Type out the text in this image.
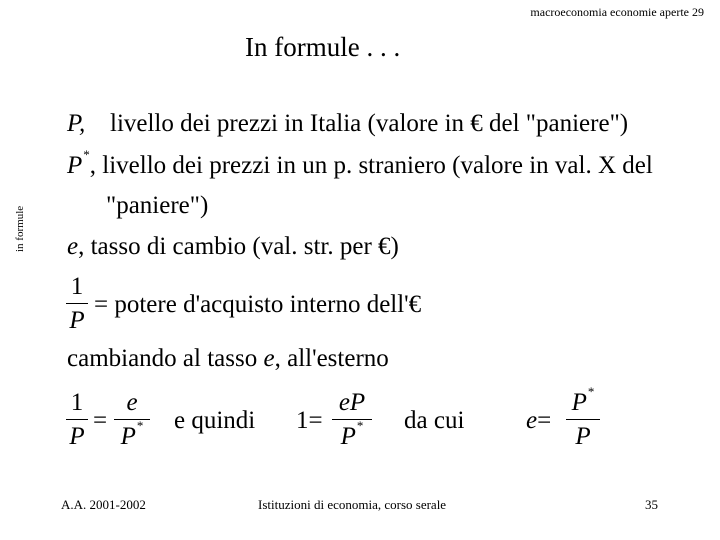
macroeconomia economie aperte 29
In formule . . .
in formule
P, livello dei prezzi in Italia (valore in € del "paniere")
P*, livello dei prezzi in un p. straniero (valore in val. X del
"paniere")
e, tasso di cambio (val. str. per €)
1
P
= potere d'acquisto interno dell'€
cambiando al tasso e, all'esterno
1
P
=
e
P* e quindi 1=
eP
P*	da cui e=
P*
P
A.A. 2001-2002	Istituzioni di economia, corso serale	35
